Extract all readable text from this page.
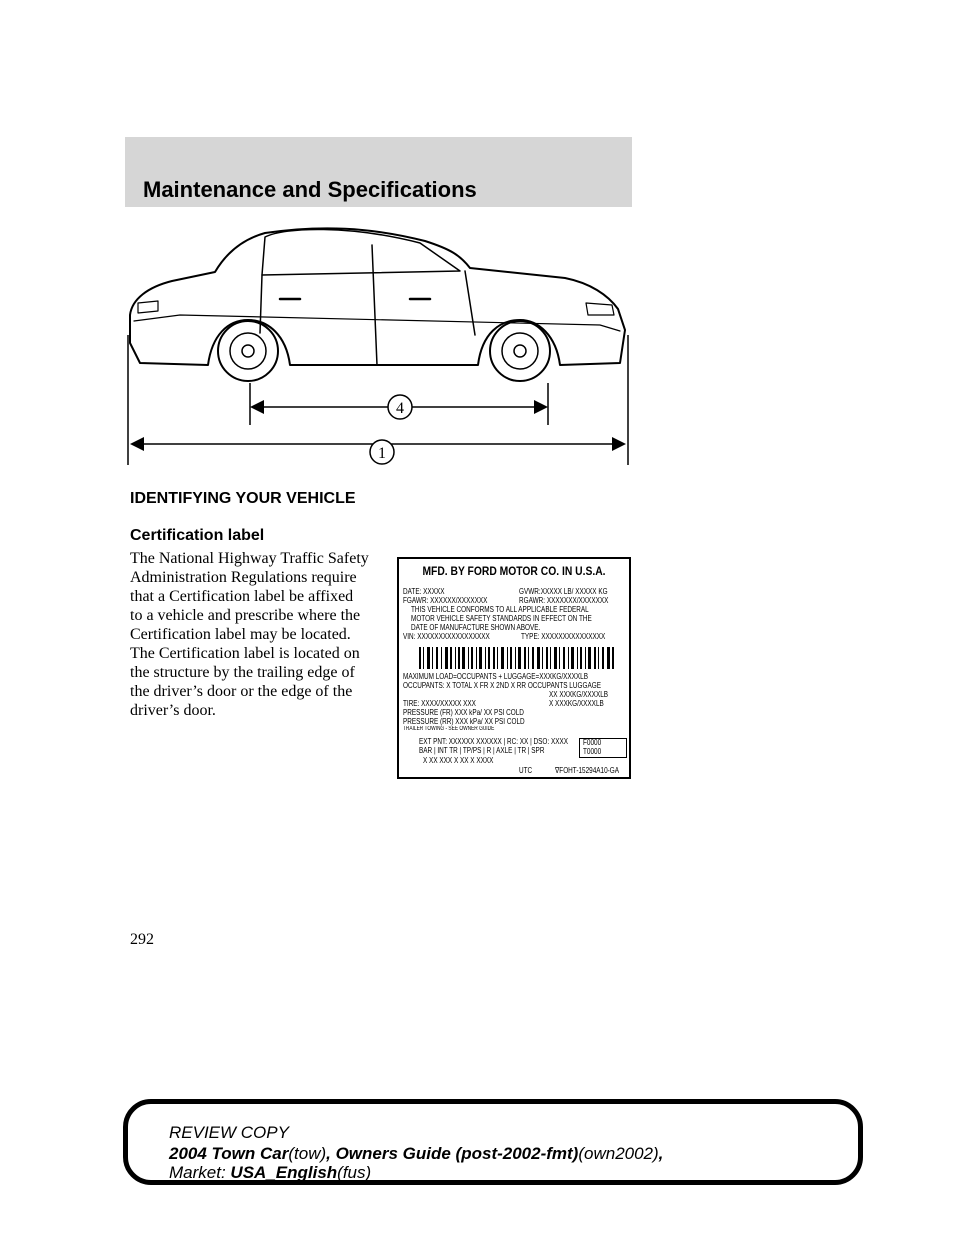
Maintenance and Specifications
4
1
IDENTIFYING YOUR VEHICLE
Certification label
The National Highway Traffic Safety
Administration Regulations require
that a Certification label be affixed
to a vehicle and prescribe where the
Certification label may be located.
The Certification label is located on
the structure by the trailing edge of
the driver’s door or the edge of the
driver’s door.
MFD. BY FORD MOTOR CO. IN U.S.A.
DATE: XXXXX	GVWR:XXXXX LB/ XXXXX KG
FGAWR: XXXXXX/XXXXXXX	RGAWR: XXXXXXX/XXXXXXX
THIS VEHICLE CONFORMS TO ALL APPLICABLE FEDERAL
MOTOR VEHICLE SAFETY STANDARDS IN EFFECT ON THE
DATE OF MANUFACTURE SHOWN ABOVE.
VIN: XXXXXXXXXXXXXXXXX	TYPE: XXXXXXXXXXXXXXX
MAXIMUM LOAD=OCCUPANTS + LUGGAGE=XXXKG/XXXXLB
OCCUPANTS: X TOTAL X FR X 2ND X RR OCCUPANTS LUGGAGE
XX XXXKG/XXXXLB
TIRE: XXXX/XXXXX XXX	X XXXKG/XXXXLB
PRESSURE (FR) XXX kPa/ XX PSI COLD
PRESSURE (RR) XXX kPa/ XX PSI COLD
TRAILER TOWING - SEE OWNER GUIDE
EXT PNT: XXXXXX XXXXXX | RC: XX | DSO: XXXX F0000
BAR | INT TR | TP/PS | R | AXLE | TR | SPR	T0000
X XX XXX X XX X XXXX
UTC	∇FOHT-15294A10-GA
292
REVIEW COPY
2004 Town Car(tow), Owners Guide (post-2002-fmt)(own2002),
Market: USA_English(fus)
